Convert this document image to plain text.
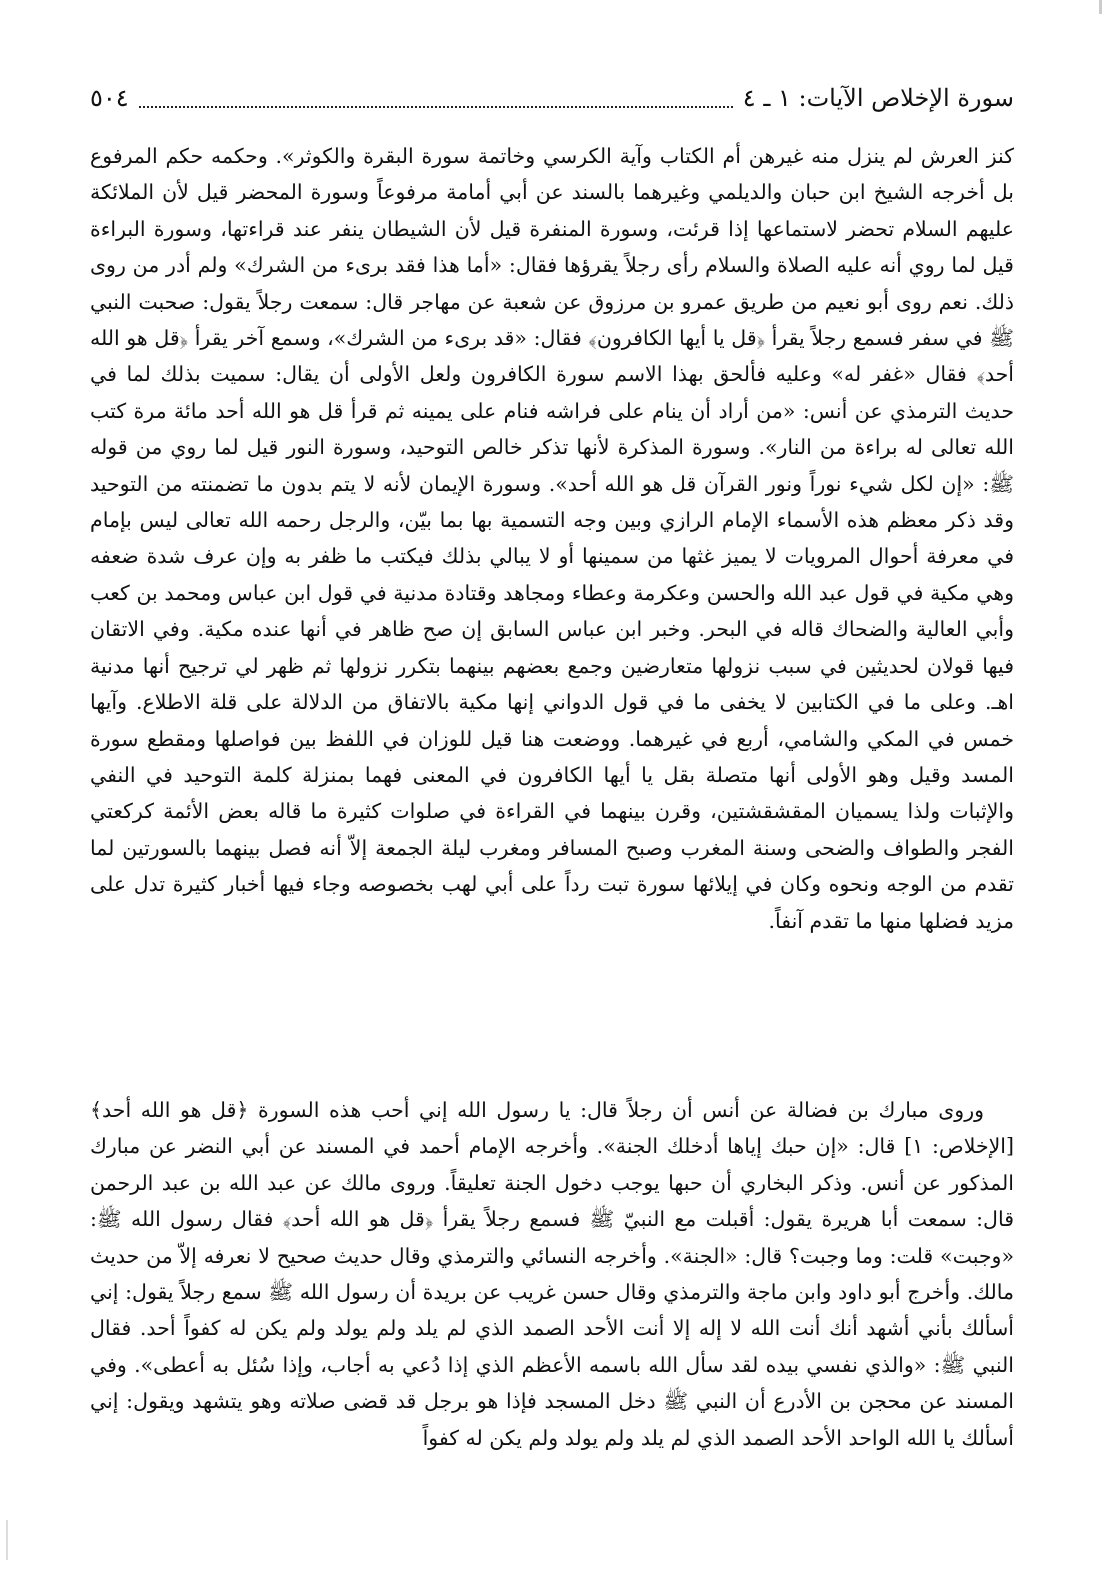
سورة الإخلاص الآيات: ١ ـ ٤
٥٠٤

كنز العرش لم ينزل منه غيرهن أم الكتاب وآية الكرسي وخاتمة سورة البقرة والكوثر». وحكمه حكم المرفوع بل أخرجه الشيخ ابن حبان والديلمي وغيرهما بالسند عن أبي أمامة مرفوعاً وسورة المحضر قيل لأن الملائكة عليهم السلام تحضر لاستماعها إذا قرئت، وسورة المنفرة قيل لأن الشيطان ينفر عند قراءتها، وسورة البراءة قيل لما روي أنه عليه الصلاة والسلام رأى رجلاً يقرؤها فقال: «أما هذا فقد برىء من الشرك» ولم أدر من روى ذلك. نعم روى أبو نعيم من طريق عمرو بن مرزوق عن شعبة عن مهاجر قال: سمعت رجلاً يقول: صحبت النبي ﷺ في سفر فسمع رجلاً يقرأ ﴿قل يا أيها الكافرون﴾ فقال: «قد برىء من الشرك»، وسمع آخر يقرأ ﴿قل هو الله أحد﴾ فقال «غفر له» وعليه فألحق بهذا الاسم سورة الكافرون ولعل الأولى أن يقال: سميت بذلك لما في حديث الترمذي عن أنس: «من أراد أن ينام على فراشه فنام على يمينه ثم قرأ قل هو الله أحد مائة مرة كتب الله تعالى له براءة من النار». وسورة المذكرة لأنها تذكر خالص التوحيد، وسورة النور قيل لما روي من قوله ﷺ: «إن لكل شيء نوراً ونور القرآن قل هو الله أحد». وسورة الإيمان لأنه لا يتم بدون ما تضمنته من التوحيد وقد ذكر معظم هذه الأسماء الإمام الرازي وبين وجه التسمية بها بما بيّن، والرجل رحمه الله تعالى ليس بإمام في معرفة أحوال المرويات لا يميز غثها من سمينها أو لا يبالي بذلك فيكتب ما ظفر به وإن عرف شدة ضعفه وهي مكية في قول عبد الله والحسن وعكرمة وعطاء ومجاهد وقتادة مدنية في قول ابن عباس ومحمد بن كعب وأبي العالية والضحاك قاله في البحر. وخبر ابن عباس السابق إن صح ظاهر في أنها عنده مكية. وفي الاتقان فيها قولان لحديثين في سبب نزولها متعارضين وجمع بعضهم بينهما بتكرر نزولها ثم ظهر لي ترجيح أنها مدنية اهـ. وعلى ما في الكتابين لا يخفى ما في قول الدواني إنها مكية بالاتفاق من الدلالة على قلة الاطلاع. وآيها خمس في المكي والشامي، أربع في غيرهما. ووضعت هنا قيل للوزان في اللفظ بين فواصلها ومقطع سورة المسد وقيل وهو الأولى أنها متصلة بقل يا أيها الكافرون في المعنى فهما بمنزلة كلمة التوحيد في النفي والإثبات ولذا يسميان المقشقشتين، وقرن بينهما في القراءة في صلوات كثيرة ما قاله بعض الأئمة كركعتي الفجر والطواف والضحى وسنة المغرب وصبح المسافر ومغرب ليلة الجمعة إلاّ أنه فصل بينهما بالسورتين لما تقدم من الوجه ونحوه وكان في إيلائها سورة تبت رداً على أبي لهب بخصوصه وجاء فيها أخبار كثيرة تدل على مزيد فضلها منها ما تقدم آنفاً.

وروى مبارك بن فضالة عن أنس أن رجلاً قال: يا رسول الله إني أحب هذه السورة ﴿قل هو الله أحد﴾ [الإخلاص: ١] قال: «إن حبك إياها أدخلك الجنة». وأخرجه الإمام أحمد في المسند عن أبي النضر عن مبارك المذكور عن أنس. وذكر البخاري أن حبها يوجب دخول الجنة تعليقاً. وروى مالك عن عبد الله بن عبد الرحمن قال: سمعت أبا هريرة يقول: أقبلت مع النبيّ ﷺ فسمع رجلاً يقرأ ﴿قل هو الله أحد﴾ فقال رسول الله ﷺ: «وجبت» قلت: وما وجبت؟ قال: «الجنة». وأخرجه النسائي والترمذي وقال حديث صحيح لا نعرفه إلاّ من حديث مالك. وأخرج أبو داود وابن ماجة والترمذي وقال حسن غريب عن بريدة أن رسول الله ﷺ سمع رجلاً يقول: إني أسألك بأني أشهد أنك أنت الله لا إله إلا أنت الأحد الصمد الذي لم يلد ولم يولد ولم يكن له كفواً أحد. فقال النبي ﷺ: «والذي نفسي بيده لقد سأل الله باسمه الأعظم الذي إذا دُعي به أجاب، وإذا سُئل به أعطى». وفي المسند عن محجن بن الأدرع أن النبي ﷺ دخل المسجد فإذا هو برجل قد قضى صلاته وهو يتشهد ويقول: إني أسألك يا الله الواحد الأحد الصمد الذي لم يلد ولم يولد ولم يكن له كفواً
